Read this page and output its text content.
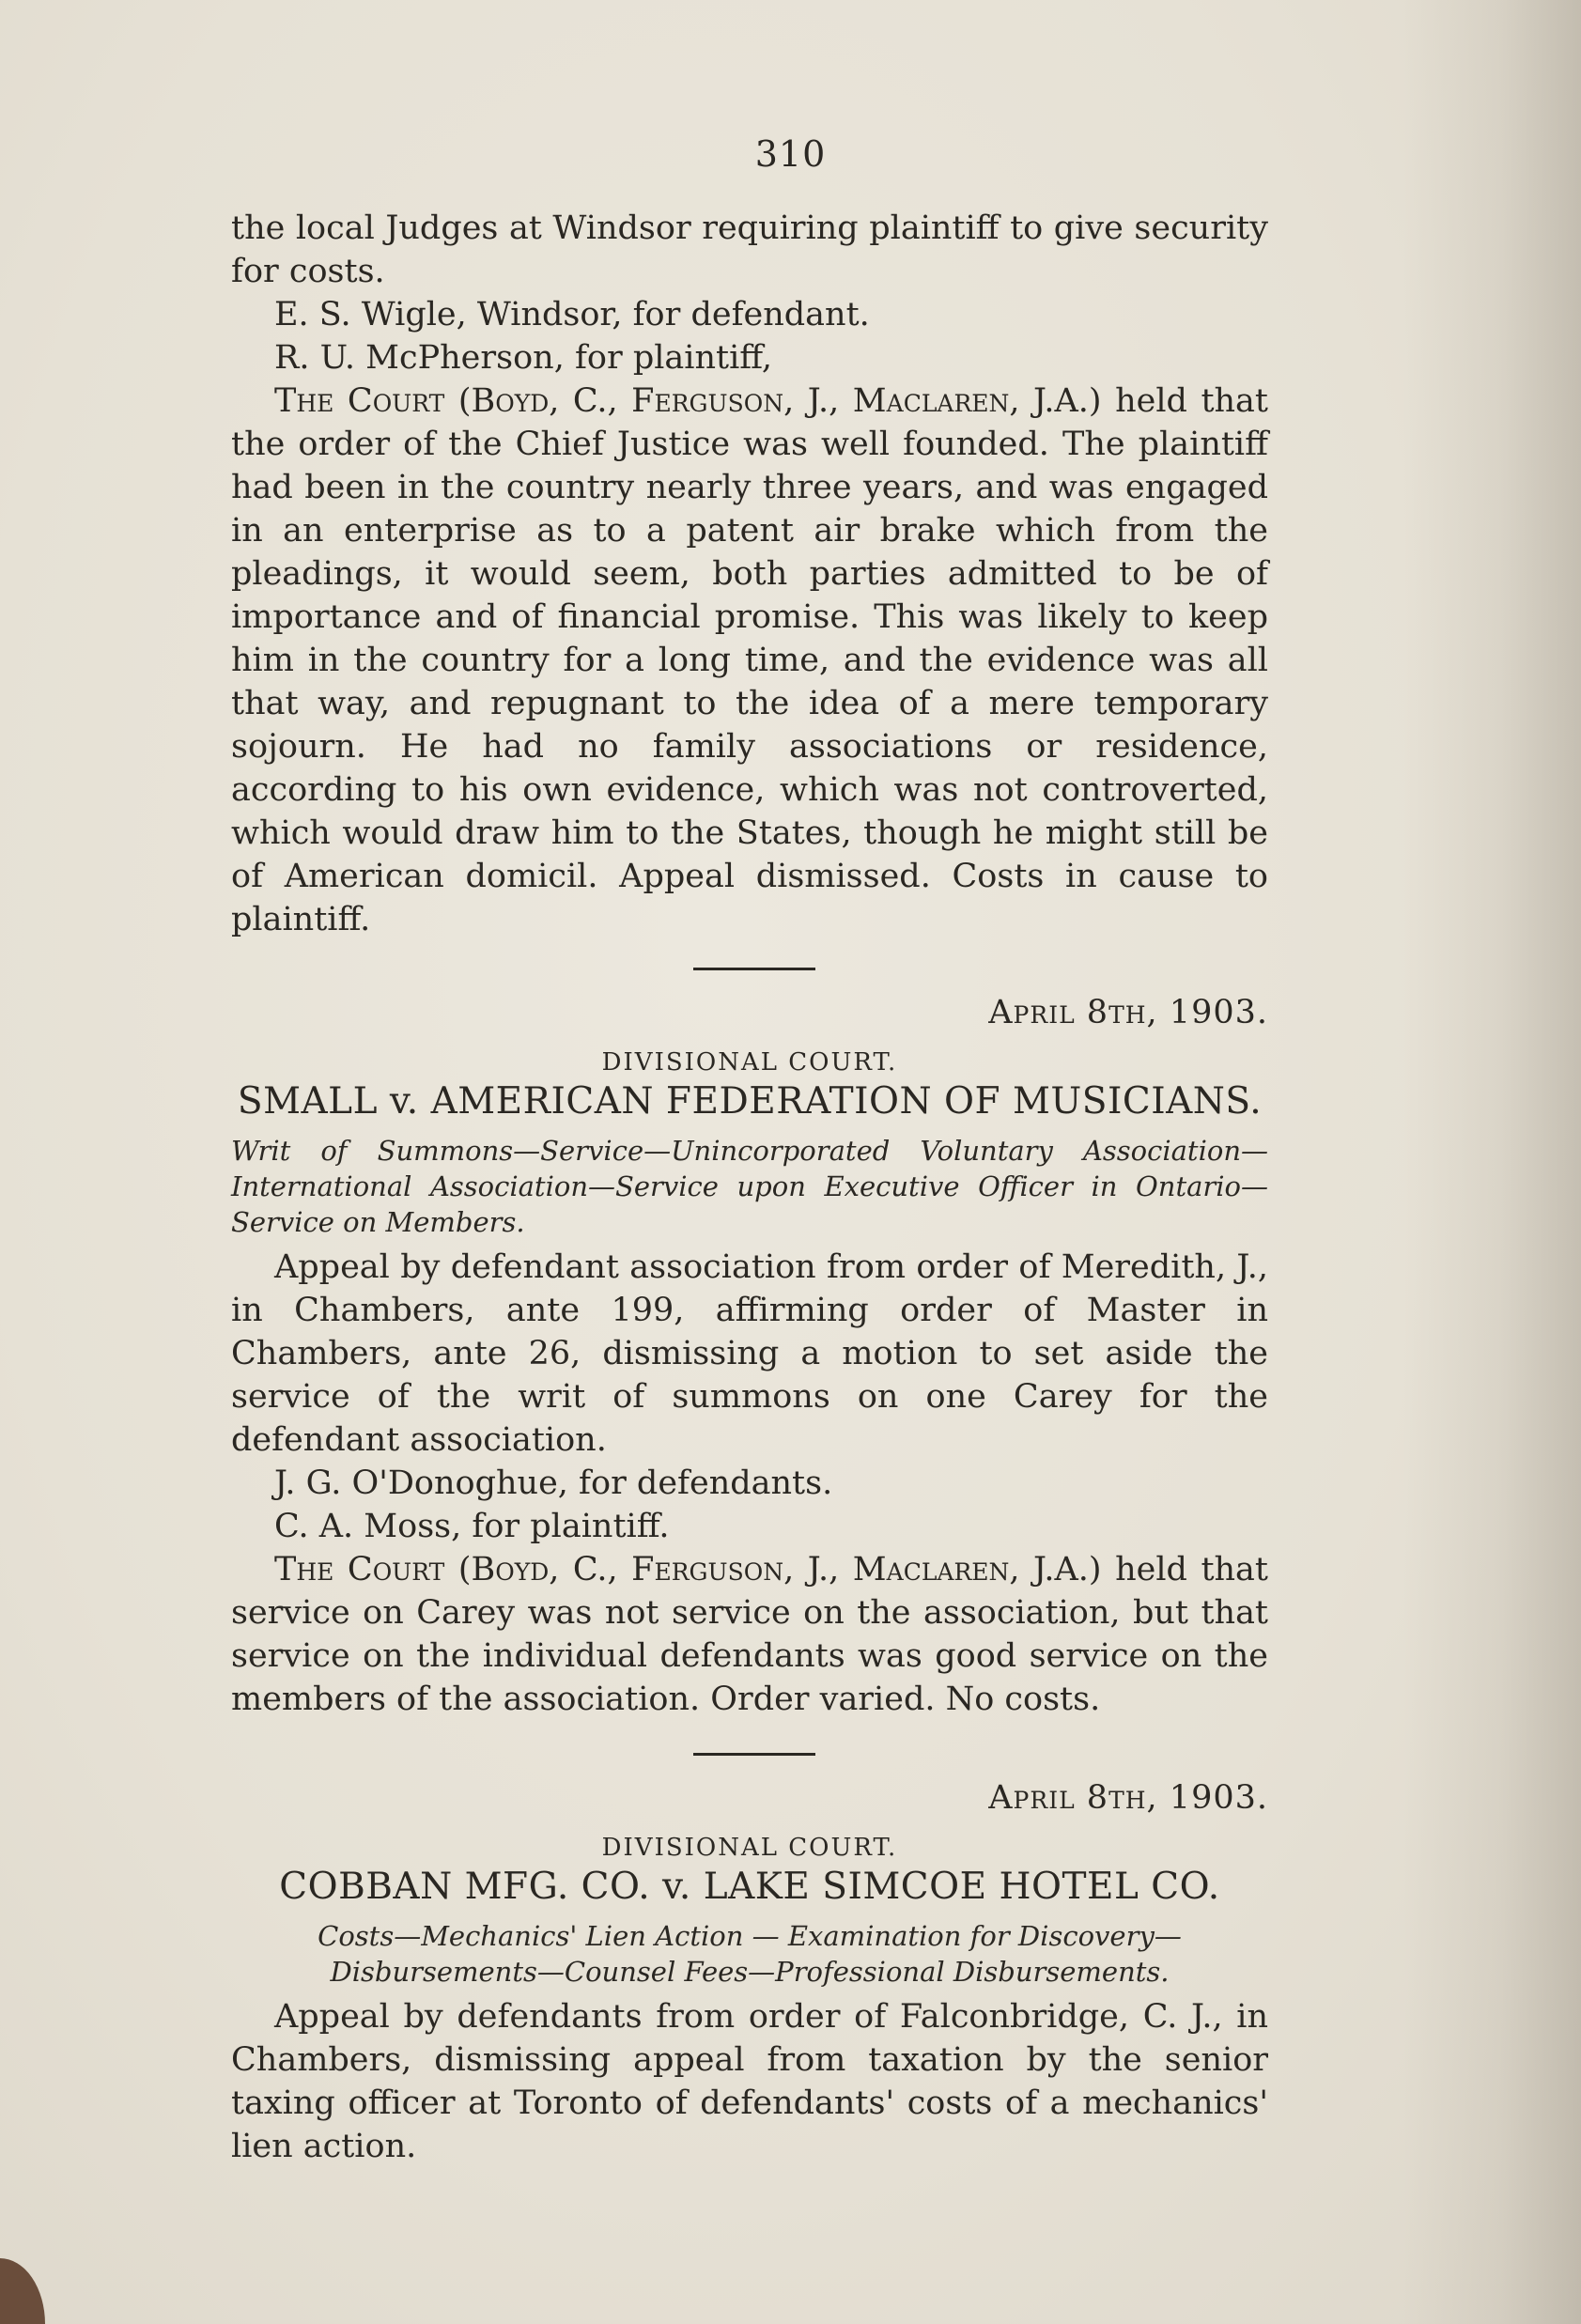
310

the local Judges at Windsor requiring plaintiff to give security for costs.

E. S. Wigle, Windsor, for defendant.

R. U. McPherson, for plaintiff,

The Court (Boyd, C., Ferguson, J., Maclaren, J.A.) held that the order of the Chief Justice was well founded. The plaintiff had been in the country nearly three years, and was engaged in an enterprise as to a patent air brake which from the pleadings, it would seem, both parties admitted to be of importance and of financial promise. This was likely to keep him in the country for a long time, and the evidence was all that way, and repugnant to the idea of a mere temporary sojourn. He had no family associations or residence, according to his own evidence, which was not controverted, which would draw him to the States, though he might still be of American domicil. Appeal dismissed. Costs in cause to plaintiff.

April 8th, 1903.
DIVISIONAL COURT.
SMALL v. AMERICAN FEDERATION OF MUSICIANS.
Writ of Summons—Service—Unincorporated Voluntary Association—International Association—Service upon Executive Officer in Ontario—Service on Members.

Appeal by defendant association from order of Meredith, J., in Chambers, ante 199, affirming order of Master in Chambers, ante 26, dismissing a motion to set aside the service of the writ of summons on one Carey for the defendant association.

J. G. O'Donoghue, for defendants.

C. A. Moss, for plaintiff.

The Court (Boyd, C., Ferguson, J., Maclaren, J.A.) held that service on Carey was not service on the association, but that service on the individual defendants was good service on the members of the association. Order varied. No costs.

April 8th, 1903.
DIVISIONAL COURT.
COBBAN MFG. CO. v. LAKE SIMCOE HOTEL CO.
Costs—Mechanics' Lien Action — Examination for Discovery—Disbursements—Counsel Fees—Professional Disbursements.

Appeal by defendants from order of Falconbridge, C. J., in Chambers, dismissing appeal from taxation by the senior taxing officer at Toronto of defendants' costs of a mechanics' lien action.
